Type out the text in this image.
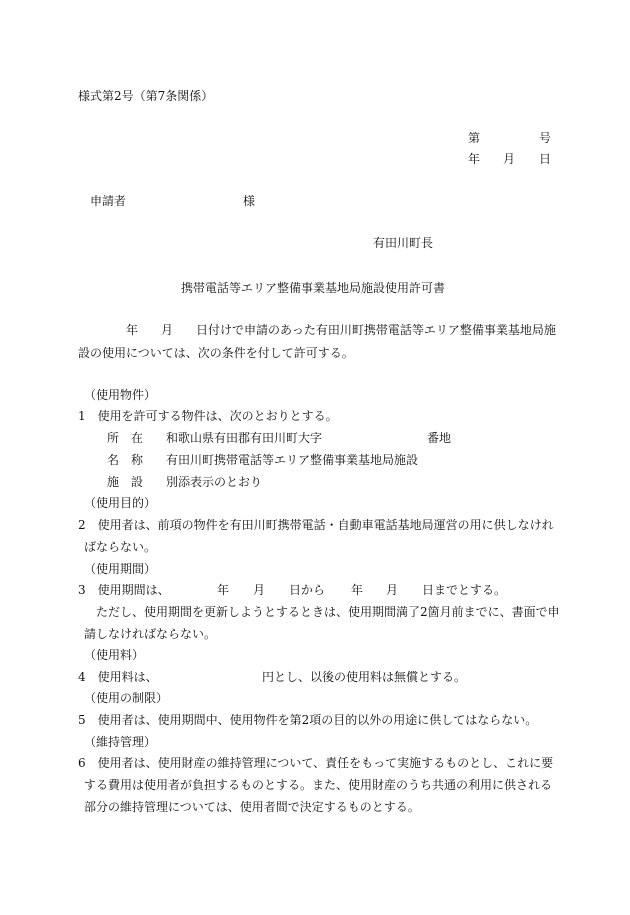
様式第2号（第7条関係）
第	号
年 月 日
申請者	様
有田川町長
携帯電話等エリア整備事業基地局施設使用許可書
年 月 日付けで申請のあった有田川町携帯電話等エリア整備事業基地局施
設の使用については、次の条件を付して許可する。
（使用物件）
1　使用を許可する物件は、次のとおりとする。
所　在 和歌山県有田郡有田川町大字	番地
名　称 有田川町携帯電話等エリア整備事業基地局施設
施　設 別添表示のとおり
（使用目的）
2　使用者は、前項の物件を有田川町携帯電話・自動車電話基地局運営の用に供しなけれ
ばならない。
（使用期間）
3　使用期間は、	年 月 日から 年 月 日までとする。
ただし、使用期間を更新しようとするときは、使用期間満了2箇月前までに、書面で申
請しなければならない。
（使用料）
4　使用料は、	円とし、以後の使用料は無償とする。
（使用の制限）
5　使用者は、使用期間中、使用物件を第2項の目的以外の用途に供してはならない。
（維持管理）
6　使用者は、使用財産の維持管理について、責任をもって実施するものとし、これに要
する費用は使用者が負担するものとする。また、使用財産のうち共通の利用に供される
部分の維持管理については、使用者間で決定するものとする。
